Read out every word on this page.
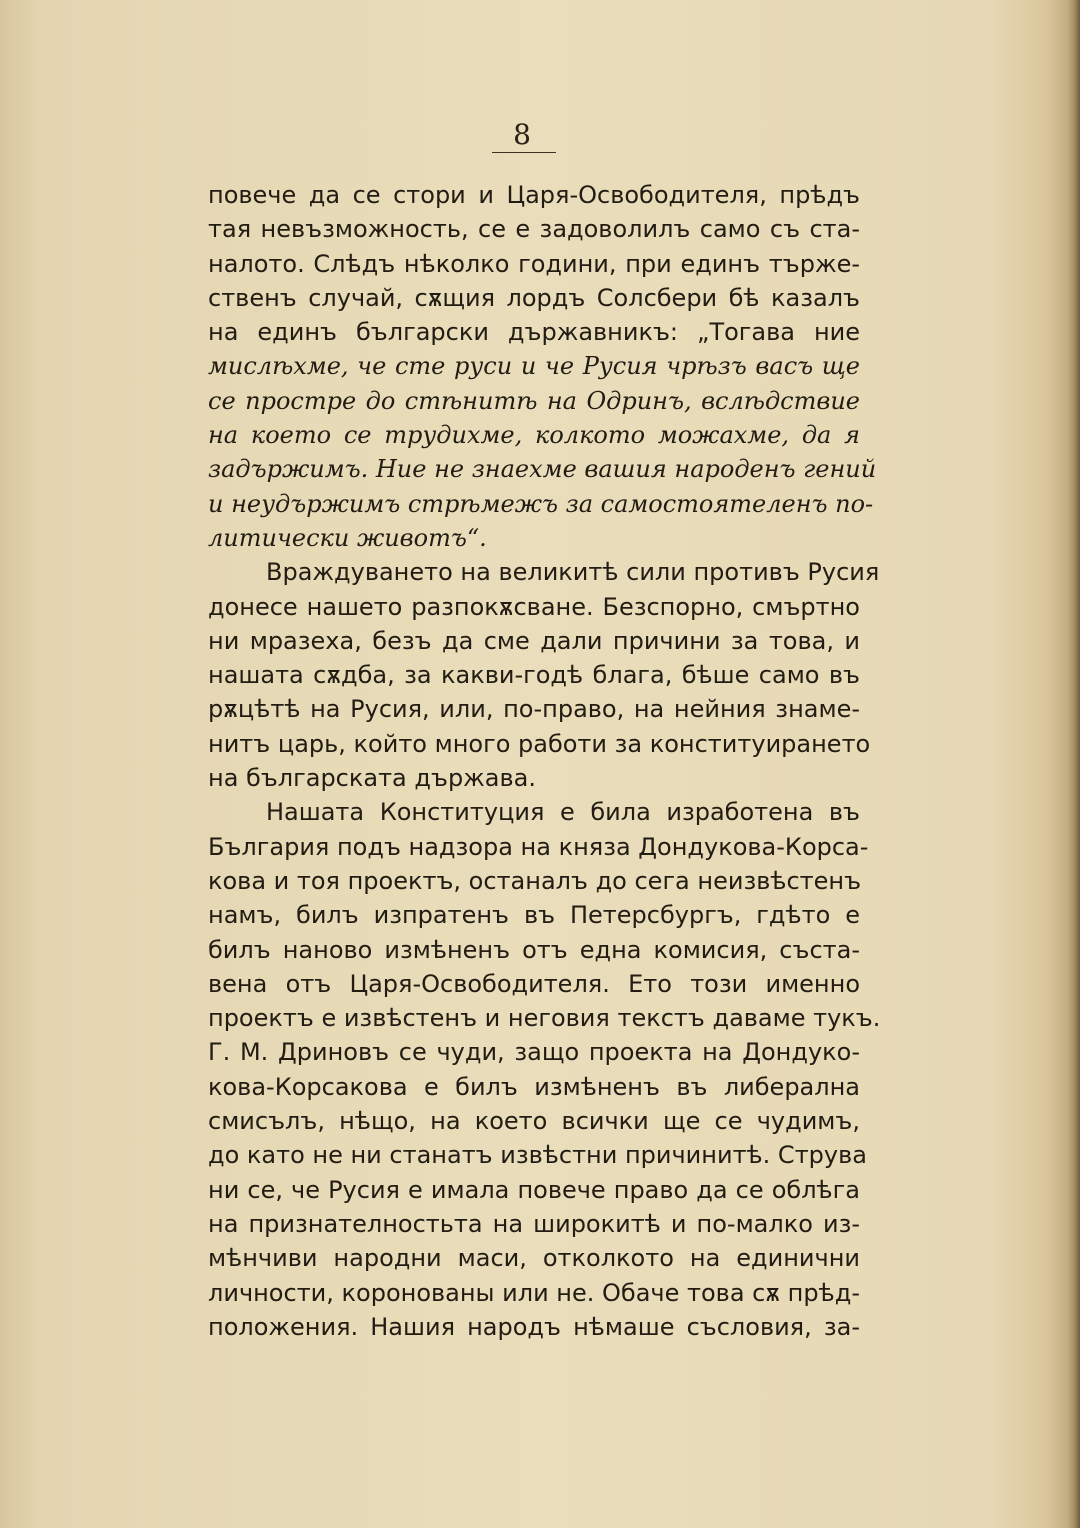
8
повече да се стори и Царя-Освободителя, прѣдъ
тая невъзможность, се е задоволилъ само съ ста-
налото. Слѣдъ нѣколко години, при единъ търже-
ственъ случай, сѫщия лордъ Солсбери бѣ казалъ
на единъ български държавникъ: „Тогава ние
мислѣхме, че сте руси и че Русия чрѣзъ васъ ще
се простре до стѣнитѣ на Одринъ, вслѣдствие
на което се трудихме, колкото можахме, да я
задържимъ. Ние не знаехме вашия народенъ гений
и неудържимъ стрѣмежъ за самостоятеленъ по-
литически животъ“.
Враждуването на великитѣ сили противъ Русия
донесе нашето разпокѫсване. Безспорно, смъртно
ни мразеха, безъ да сме дали причини за това, и
нашата сѫдба, за какви-годѣ блага, бѣше само въ
рѫцѣтѣ на Русия, или, по-право, на нейния знаме-
нитъ царь, който много работи за конституирането
на българската държава.
Нашата Конституция е била изработена въ
България подъ надзора на княза Дондукова-Корса-
кова и тоя проектъ, останалъ до сега неизвѣстенъ
намъ, билъ изпратенъ въ Петерсбургъ, гдѣто е
билъ наново измѣненъ отъ една комисия, съста-
вена отъ Царя-Освободителя. Ето този именно
проектъ е извѣстенъ и неговия текстъ даваме тукъ.
Г. М. Дриновъ се чуди, защо проекта на Дондуко-
кова-Корсакова е билъ измѣненъ въ либерална
смисълъ, нѣщо, на което всички ще се чудимъ,
до като не ни станатъ извѣстни причинитѣ. Струва
ни се, че Русия е имала повече право да се облѣга
на признателностьта на широкитѣ и по-малко из-
мѣнчиви народни маси, отколкото на единични
личности, коронованы или не. Обаче това сѫ прѣд-
положения. Нашия народъ нѣмаше съсловия, за-
